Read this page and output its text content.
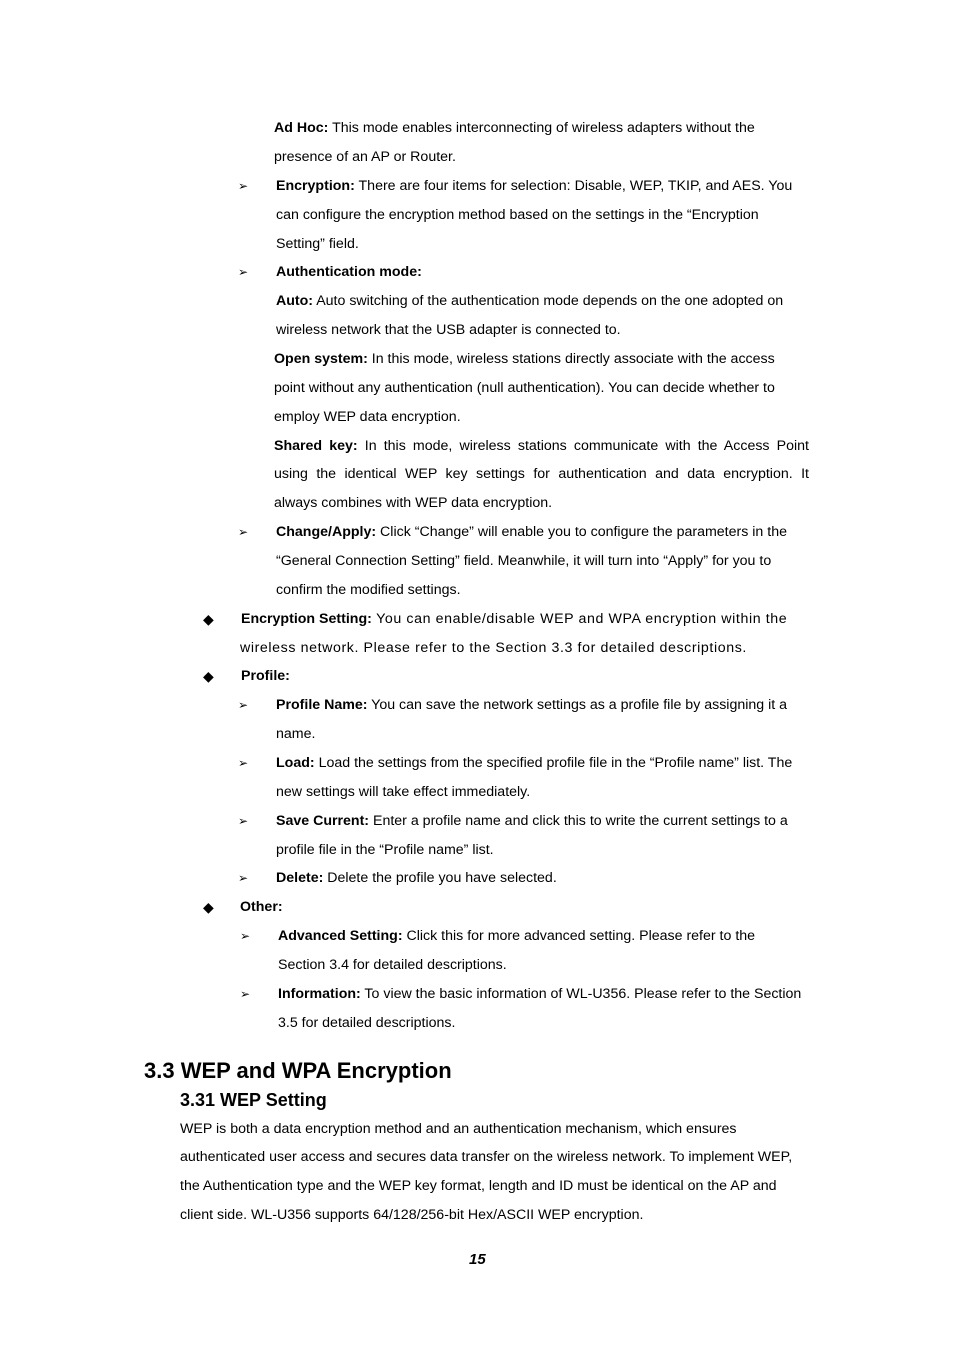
Ad Hoc: This mode enables interconnecting of wireless adapters without the
presence of an AP or Router.
➢ Encryption: There are four items for selection: Disable, WEP, TKIP, and AES. You
can configure the encryption method based on the settings in the “Encryption
Setting” field.
➢ Authentication mode:
Auto: Auto switching of the authentication mode depends on the one adopted on
wireless network that the USB adapter is connected to.
Open system: In this mode, wireless stations directly associate with the access
point without any authentication (null authentication). You can decide whether to
employ WEP data encryption.
Shared key: In this mode, wireless stations communicate with the Access Point
using the identical WEP key settings for authentication and data encryption. It
always combines with WEP data encryption.
➢ Change/Apply: Click “Change” will enable you to configure the parameters in the
“General Connection Setting” field. Meanwhile, it will turn into “Apply” for you to
confirm the modified settings.
◆ Encryption Setting: You can enable/disable WEP and WPA encryption within the
wireless network. Please refer to the Section 3.3 for detailed descriptions.
◆ Profile:
➢ Profile Name: You can save the network settings as a profile file by assigning it a
name.
➢ Load: Load the settings from the specified profile file in the “Profile name” list. The
new settings will take effect immediately.
➢ Save Current: Enter a profile name and click this to write the current settings to a
profile file in the “Profile name” list.
➢ Delete: Delete the profile you have selected.
◆ Other:
➢ Advanced Setting: Click this for more advanced setting. Please refer to the
Section 3.4 for detailed descriptions.
➢ Information: To view the basic information of WL-U356. Please refer to the Section
3.5 for detailed descriptions.
3.3 WEP and WPA Encryption
3.31 WEP Setting
WEP is both a data encryption method and an authentication mechanism, which ensures
authenticated user access and secures data transfer on the wireless network. To implement WEP,
the Authentication type and the WEP key format, length and ID must be identical on the AP and
client side. WL-U356 supports 64/128/256-bit Hex/ASCII WEP encryption.
15
